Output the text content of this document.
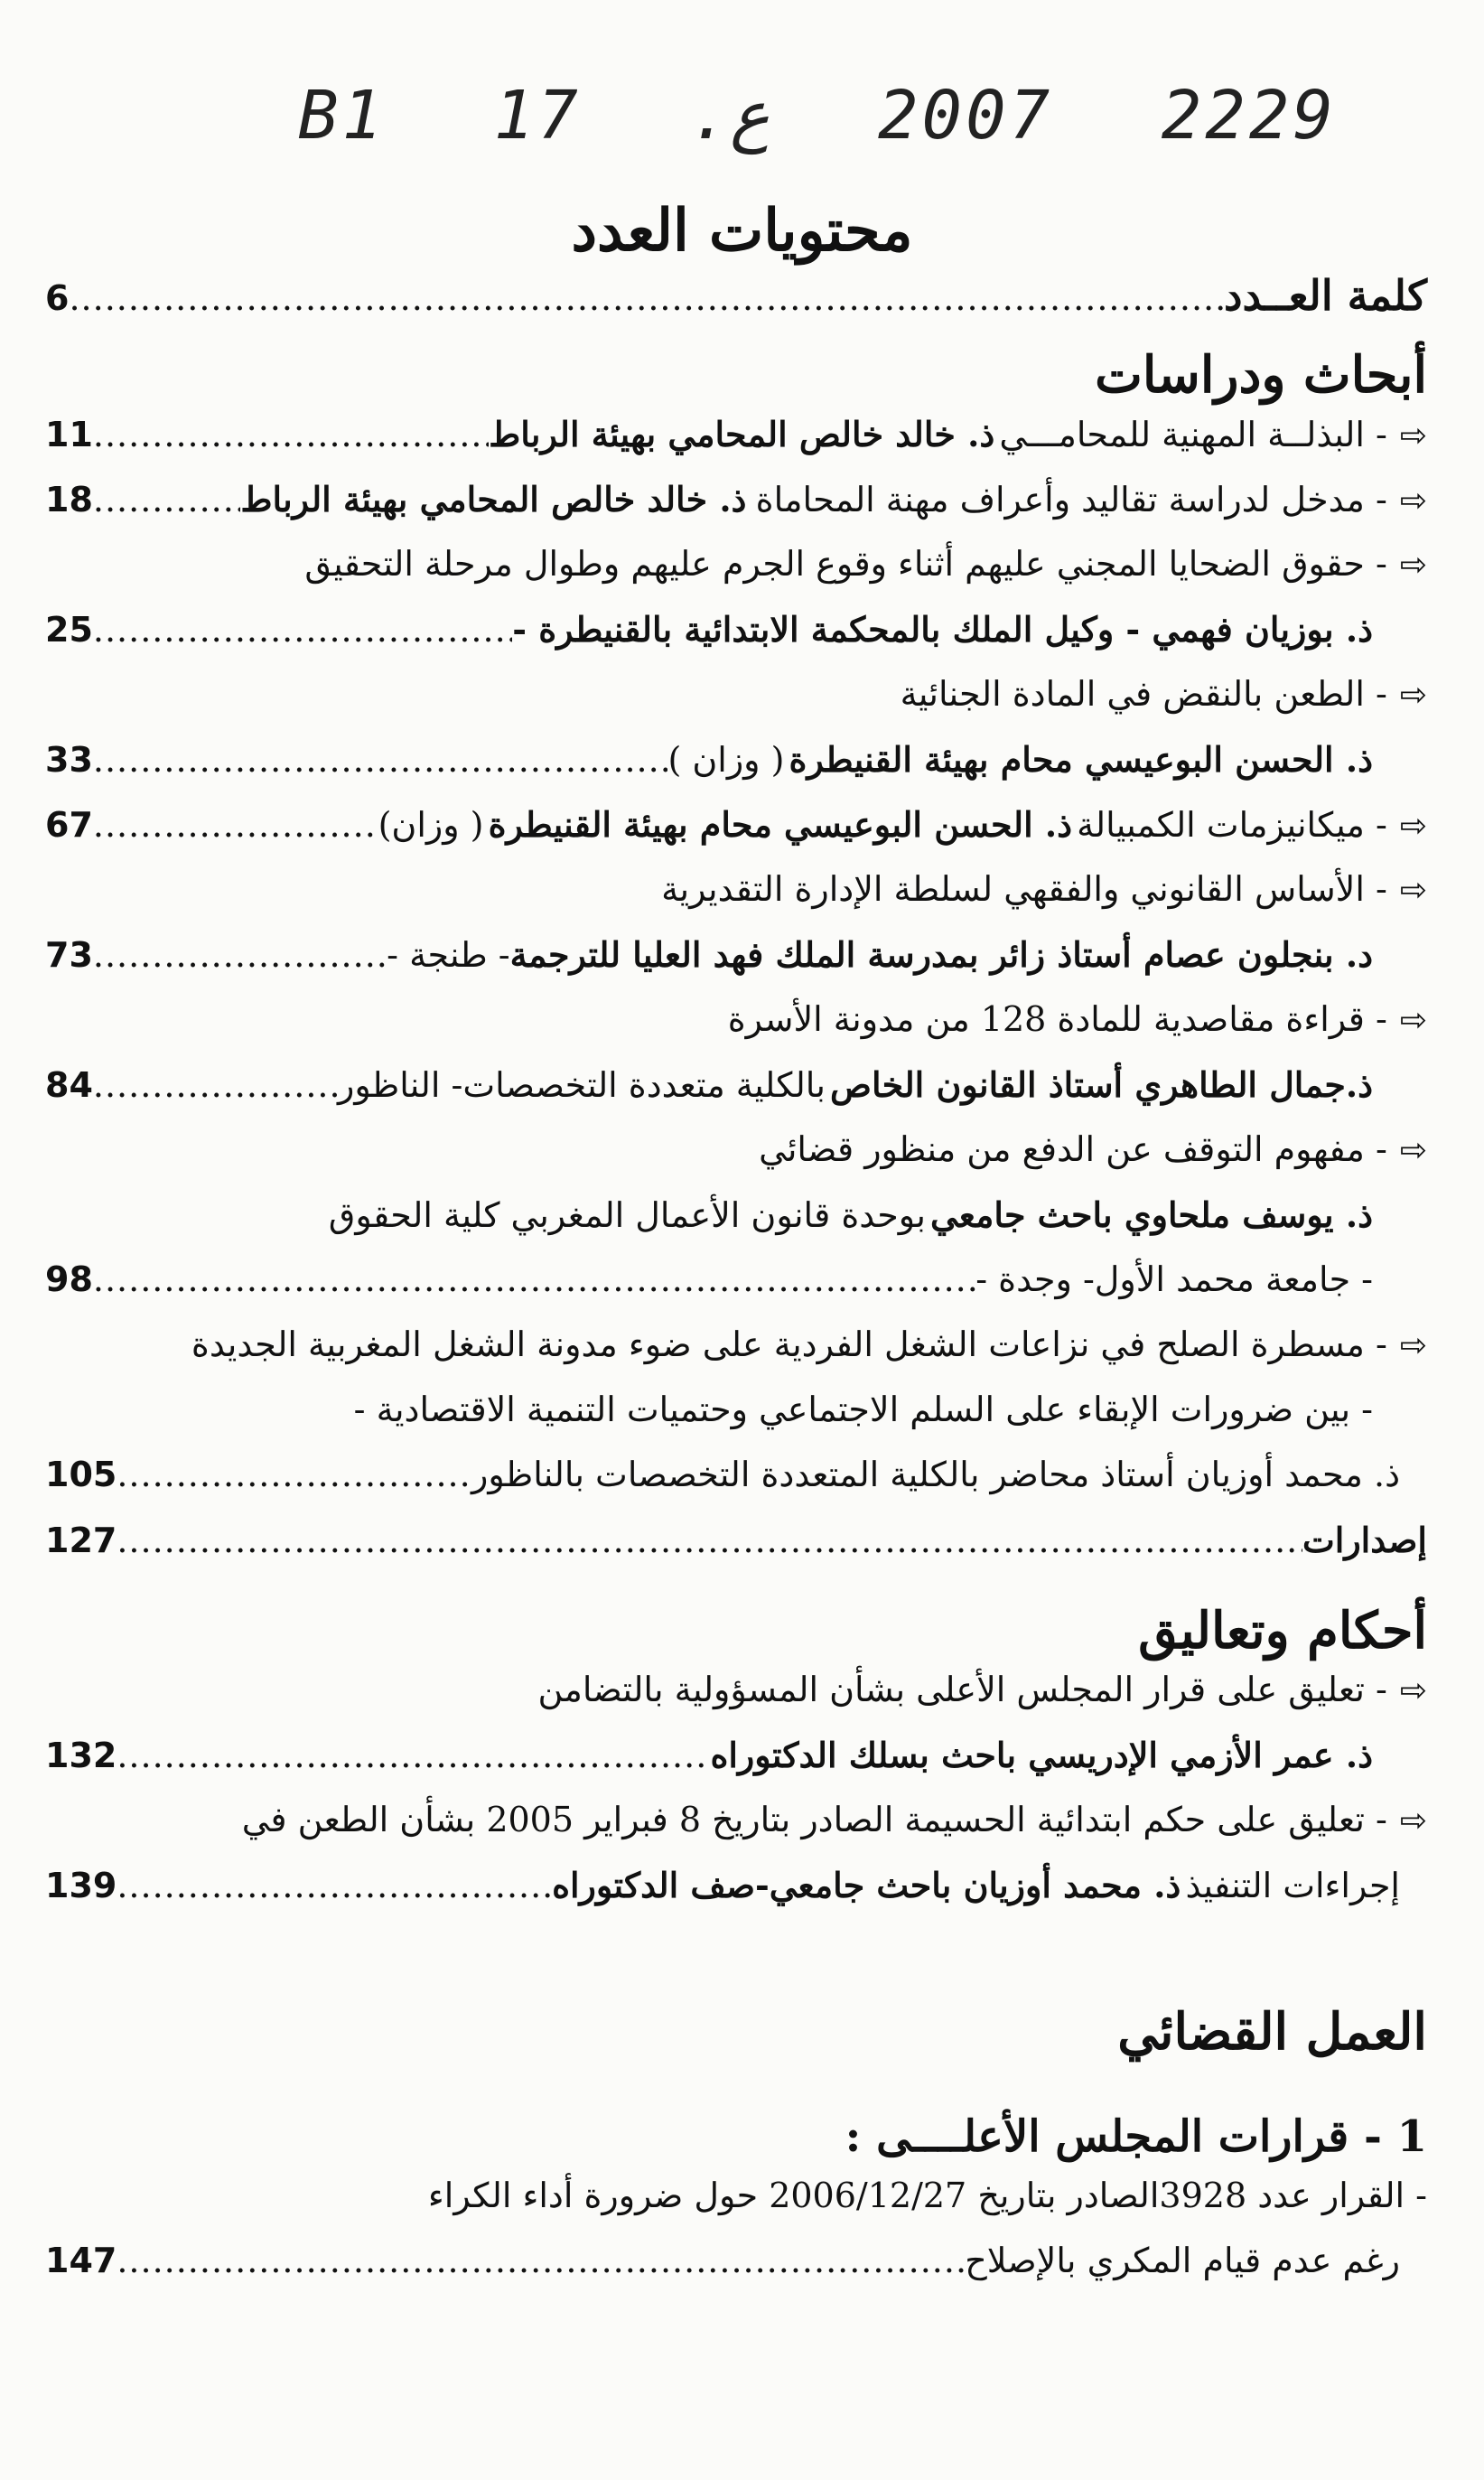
B1 17 .ع 2007 2229
محتويات العدد
كلمة العــدد
.....
6
أبحاث ودراسات
⇨
- البذلــة المهنية للمحامـــي

ذ. خالد خالص المحامي بهيئة الرباط
.....
11
⇨
- مدخل لدراسة تقاليد وأعراف مهنة المحاماة

ذ. خالد خالص المحامي بهيئة الرباط
.....
18
⇨
- حقوق الضحايا المجني عليهم أثناء وقوع الجرم عليهم وطوال مرحلة التحقيق
ذ. بوزيان فهمي - وكيل الملك بالمحكمة الابتدائية بالقنيطرة -
.....
25
⇨
- الطعن بالنقض في المادة الجنائية
ذ. الحسن البوعيسي محام بهيئة القنيطرة

( وزان )
.....
33
⇨
- ميكانيزمات الكمبيالة

ذ. الحسن البوعيسي محام بهيئة القنيطرة

( وزان)
.....
67
⇨
- الأساس القانوني والفقهي لسلطة الإدارة التقديرية
د. بنجلون عصام أستاذ زائر بمدرسة الملك فهد العليا للترجمة
- طنجة -
.....
73
⇨
- قراءة مقاصدية للمادة 128 من مدونة الأسرة
ذ.جمال الطاهري أستاذ القانون الخاص

بالكلية متعددة التخصصات- الناظور
.....
84
⇨
- مفهوم التوقف عن الدفع من منظور قضائي
ذ. يوسف ملحاوي باحث جامعي

بوحدة قانون الأعمال المغربي كلية الحقوق
- جامعة محمد الأول- وجدة -
.....
98
⇨
- مسطرة الصلح في نزاعات الشغل الفردية على ضوء مدونة الشغل المغربية الجديدة
- بين ضرورات الإبقاء على السلم الاجتماعي وحتميات التنمية الاقتصادية -
ذ. محمد أوزيان أستاذ محاضر بالكلية المتعددة التخصصات بالناظور
.....
105
إصدارات
.....
127
أحكام وتعاليق
⇨
- تعليق على قرار المجلس الأعلى بشأن المسؤولية بالتضامن
ذ. عمر الأزمي الإدريسي باحث بسلك الدكتوراه
.....
132
⇨
- تعليق على حكم ابتدائية الحسيمة الصادر بتاريخ 8 فبراير 2005 بشأن الطعن في
إجراءات التنفيذ

ذ. محمد أوزيان باحث جامعي-صف الدكتوراه
.....
139
العمل القضائي
1 - قرارات المجلس الأعلــــى :
- القرار عدد 3928الصادر بتاريخ 2006/12/27 حول ضرورة أداء الكراء
رغم عدم قيام المكري بالإصلاح
.....
147
